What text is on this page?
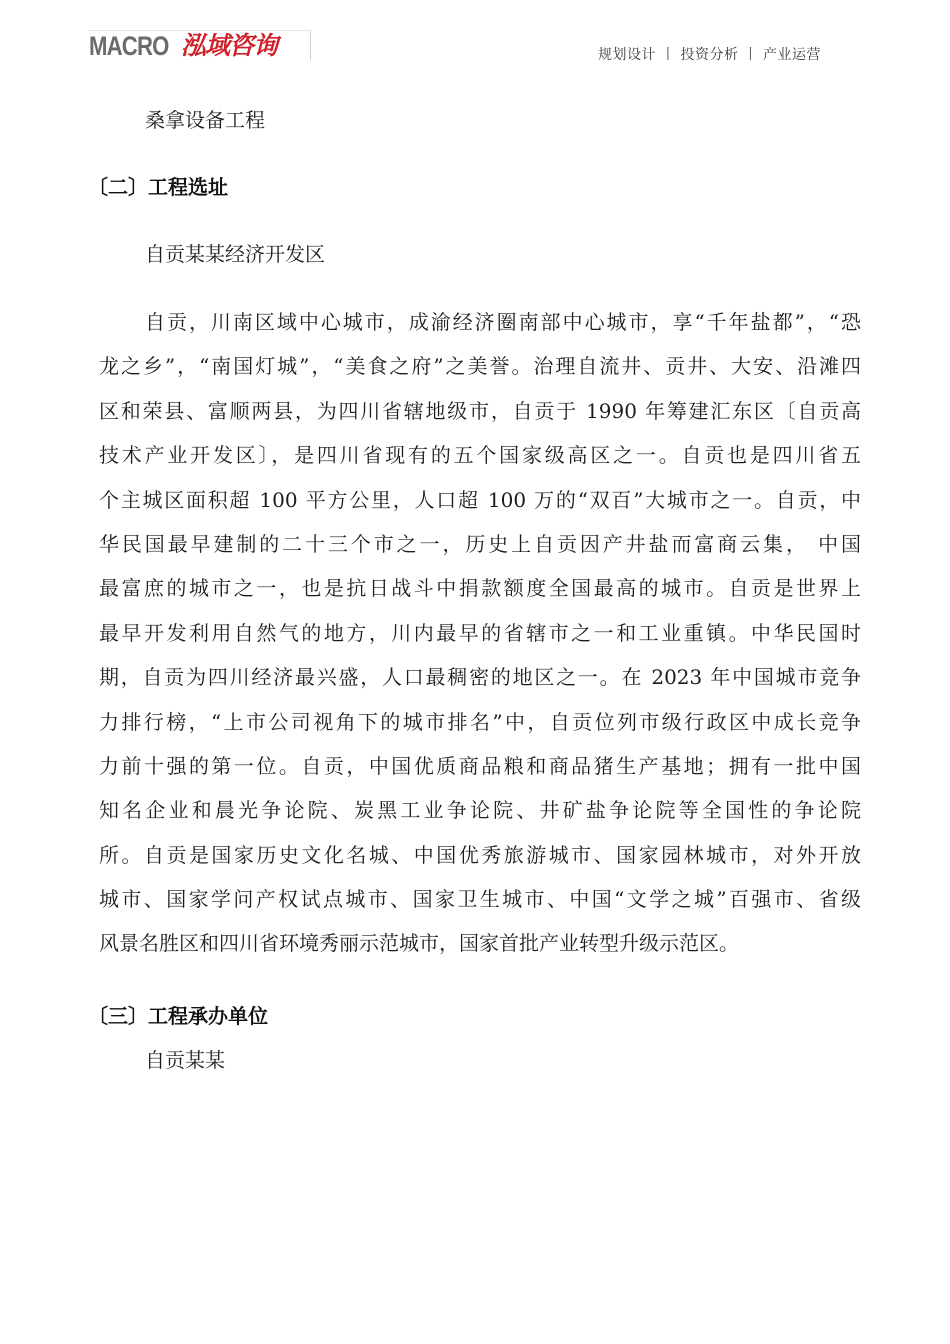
MACRO 泓域咨询	规划设计 丨 投资分析 丨 产业运营
桑拿设备工程
〔二〕工程选址
自贡某某经济开发区
自贡，川南区域中心城市，成渝经济圈南部中心城市，享“千年盐都”，“恐
龙之乡”，“南国灯城”，“美食之府”之美誉。治理自流井、贡井、大安、沿滩四
区和荣县、富顺两县，为四川省辖地级市，自贡于 1990 年筹建汇东区〔自贡高
技术产业开发区〕，是四川省现有的五个国家级高区之一。自贡也是四川省五
个主城区面积超 100 平方公里，人口超 100 万的“双百”大城市之一。自贡，中
华民国最早建制的二十三个市之一，历史上自贡因产井盐而富商云集， 中国
最富庶的城市之一，也是抗日战斗中捐款额度全国最高的城市。自贡是世界上
最早开发利用自然气的地方，川内最早的省辖市之一和工业重镇。中华民国时
期，自贡为四川经济最兴盛，人口最稠密的地区之一。在 2023 年中国城市竞争
力排行榜，“上市公司视角下的城市排名”中，自贡位列市级行政区中成长竞争
力前十强的第一位。自贡，中国优质商品粮和商品猪生产基地；拥有一批中国
知名企业和晨光争论院、炭黑工业争论院、井矿盐争论院等全国性的争论院
所。自贡是国家历史文化名城、中国优秀旅游城市、国家园林城市，对外开放
城市、国家学问产权试点城市、国家卫生城市、中国“文学之城”百强市、省级
风景名胜区和四川省环境秀丽示范城市，国家首批产业转型升级示范区。
〔三〕工程承办单位
自贡某某
